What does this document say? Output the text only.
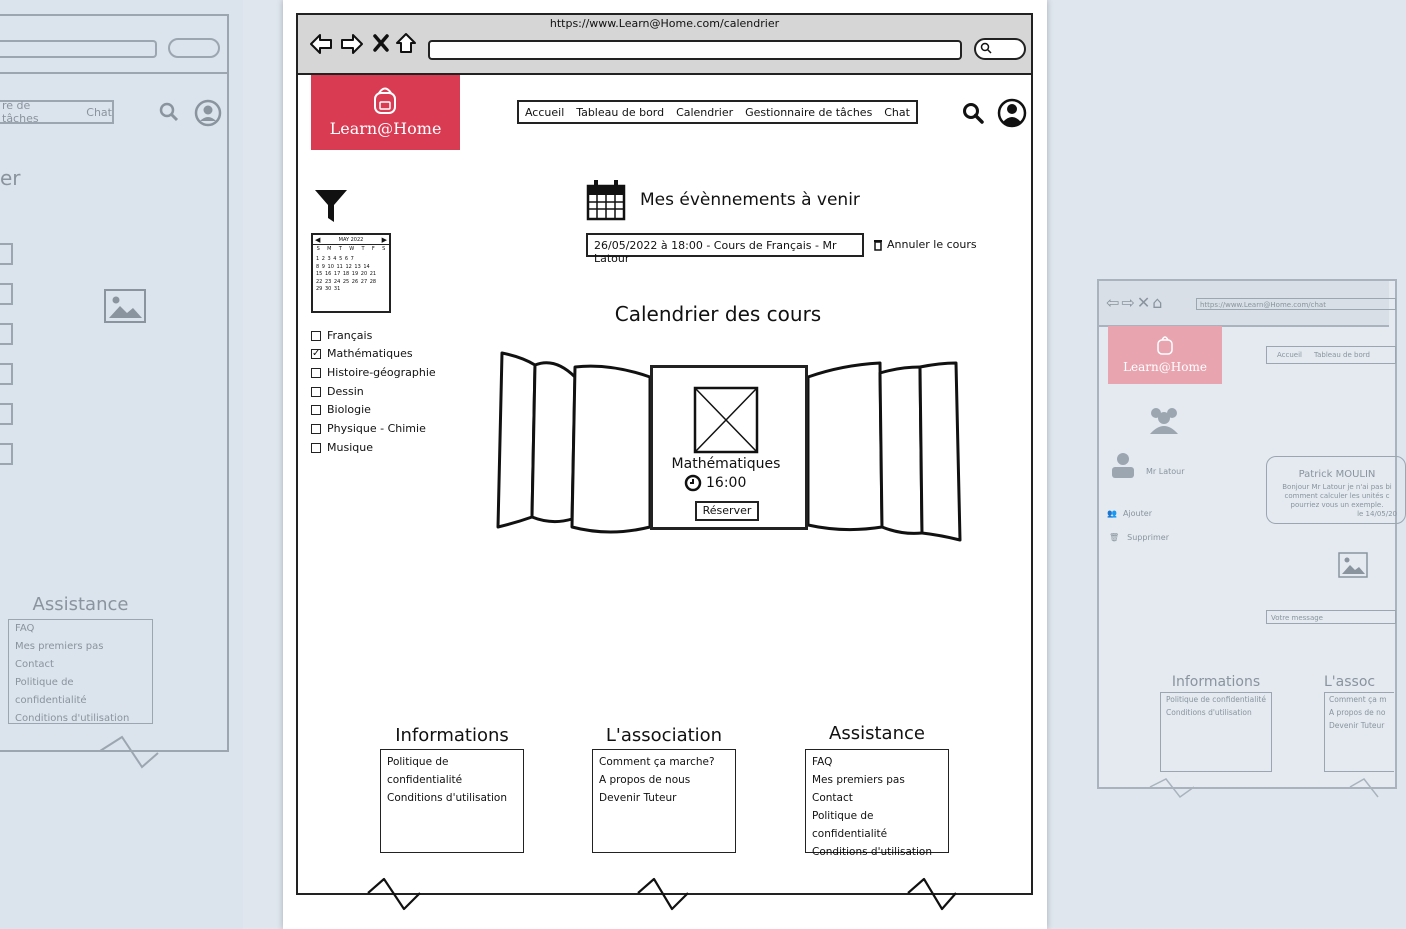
re de tâches	Chat
er
Assistance
FAQ
Mes premiers pas
Contact
Politique de confidentialité
Conditions d'utilisation
⇦⇨✕⌂	https://www.Learn@Home.com/chat
Learn@Home
Accueil Tableau de bord
Mr Latour
👥 Ajouter
🗑 Supprimer
Patrick MOULIN
Bonjour Mr Latour je n'ai pas bi comment calculer les unités c pourriez vous un exemple.
le 14/05/20
Votre message
Informations
Politique de confidentialité
Conditions d'utilisation
L'assoc
Comment ça m
A propos de no
Devenir Tuteur
https://www.Learn@Home.com/calendrier
Learn@Home
Accueil Tableau de bord Calendrier Gestionnaire de tâches Chat
◀	MAY 2022	▶
S M T W T F S
1 2 3 4 5 6 7
8 9 10 11 12 13 14
15 16 17 18 19 20 21
22 23 24 25 26 27 28
29 30 31
Français
✓ Mathématiques
Histoire-géographie
Dessin
Biologie
Physique - Chimie
Musique
Mes évènnements à venir
26/05/2022 à 18:00 - Cours de Français - Mr Latour
Annuler le cours
Calendrier des cours
Mathématiques
16:00
Réserver
Informations
Politique de confidentialité
Conditions d'utilisation
L'association
Comment ça marche?
A propos de nous
Devenir Tuteur
Assistance
FAQ
Mes premiers pas
Contact
Politique de confidentialité
Conditions d'utilisation
